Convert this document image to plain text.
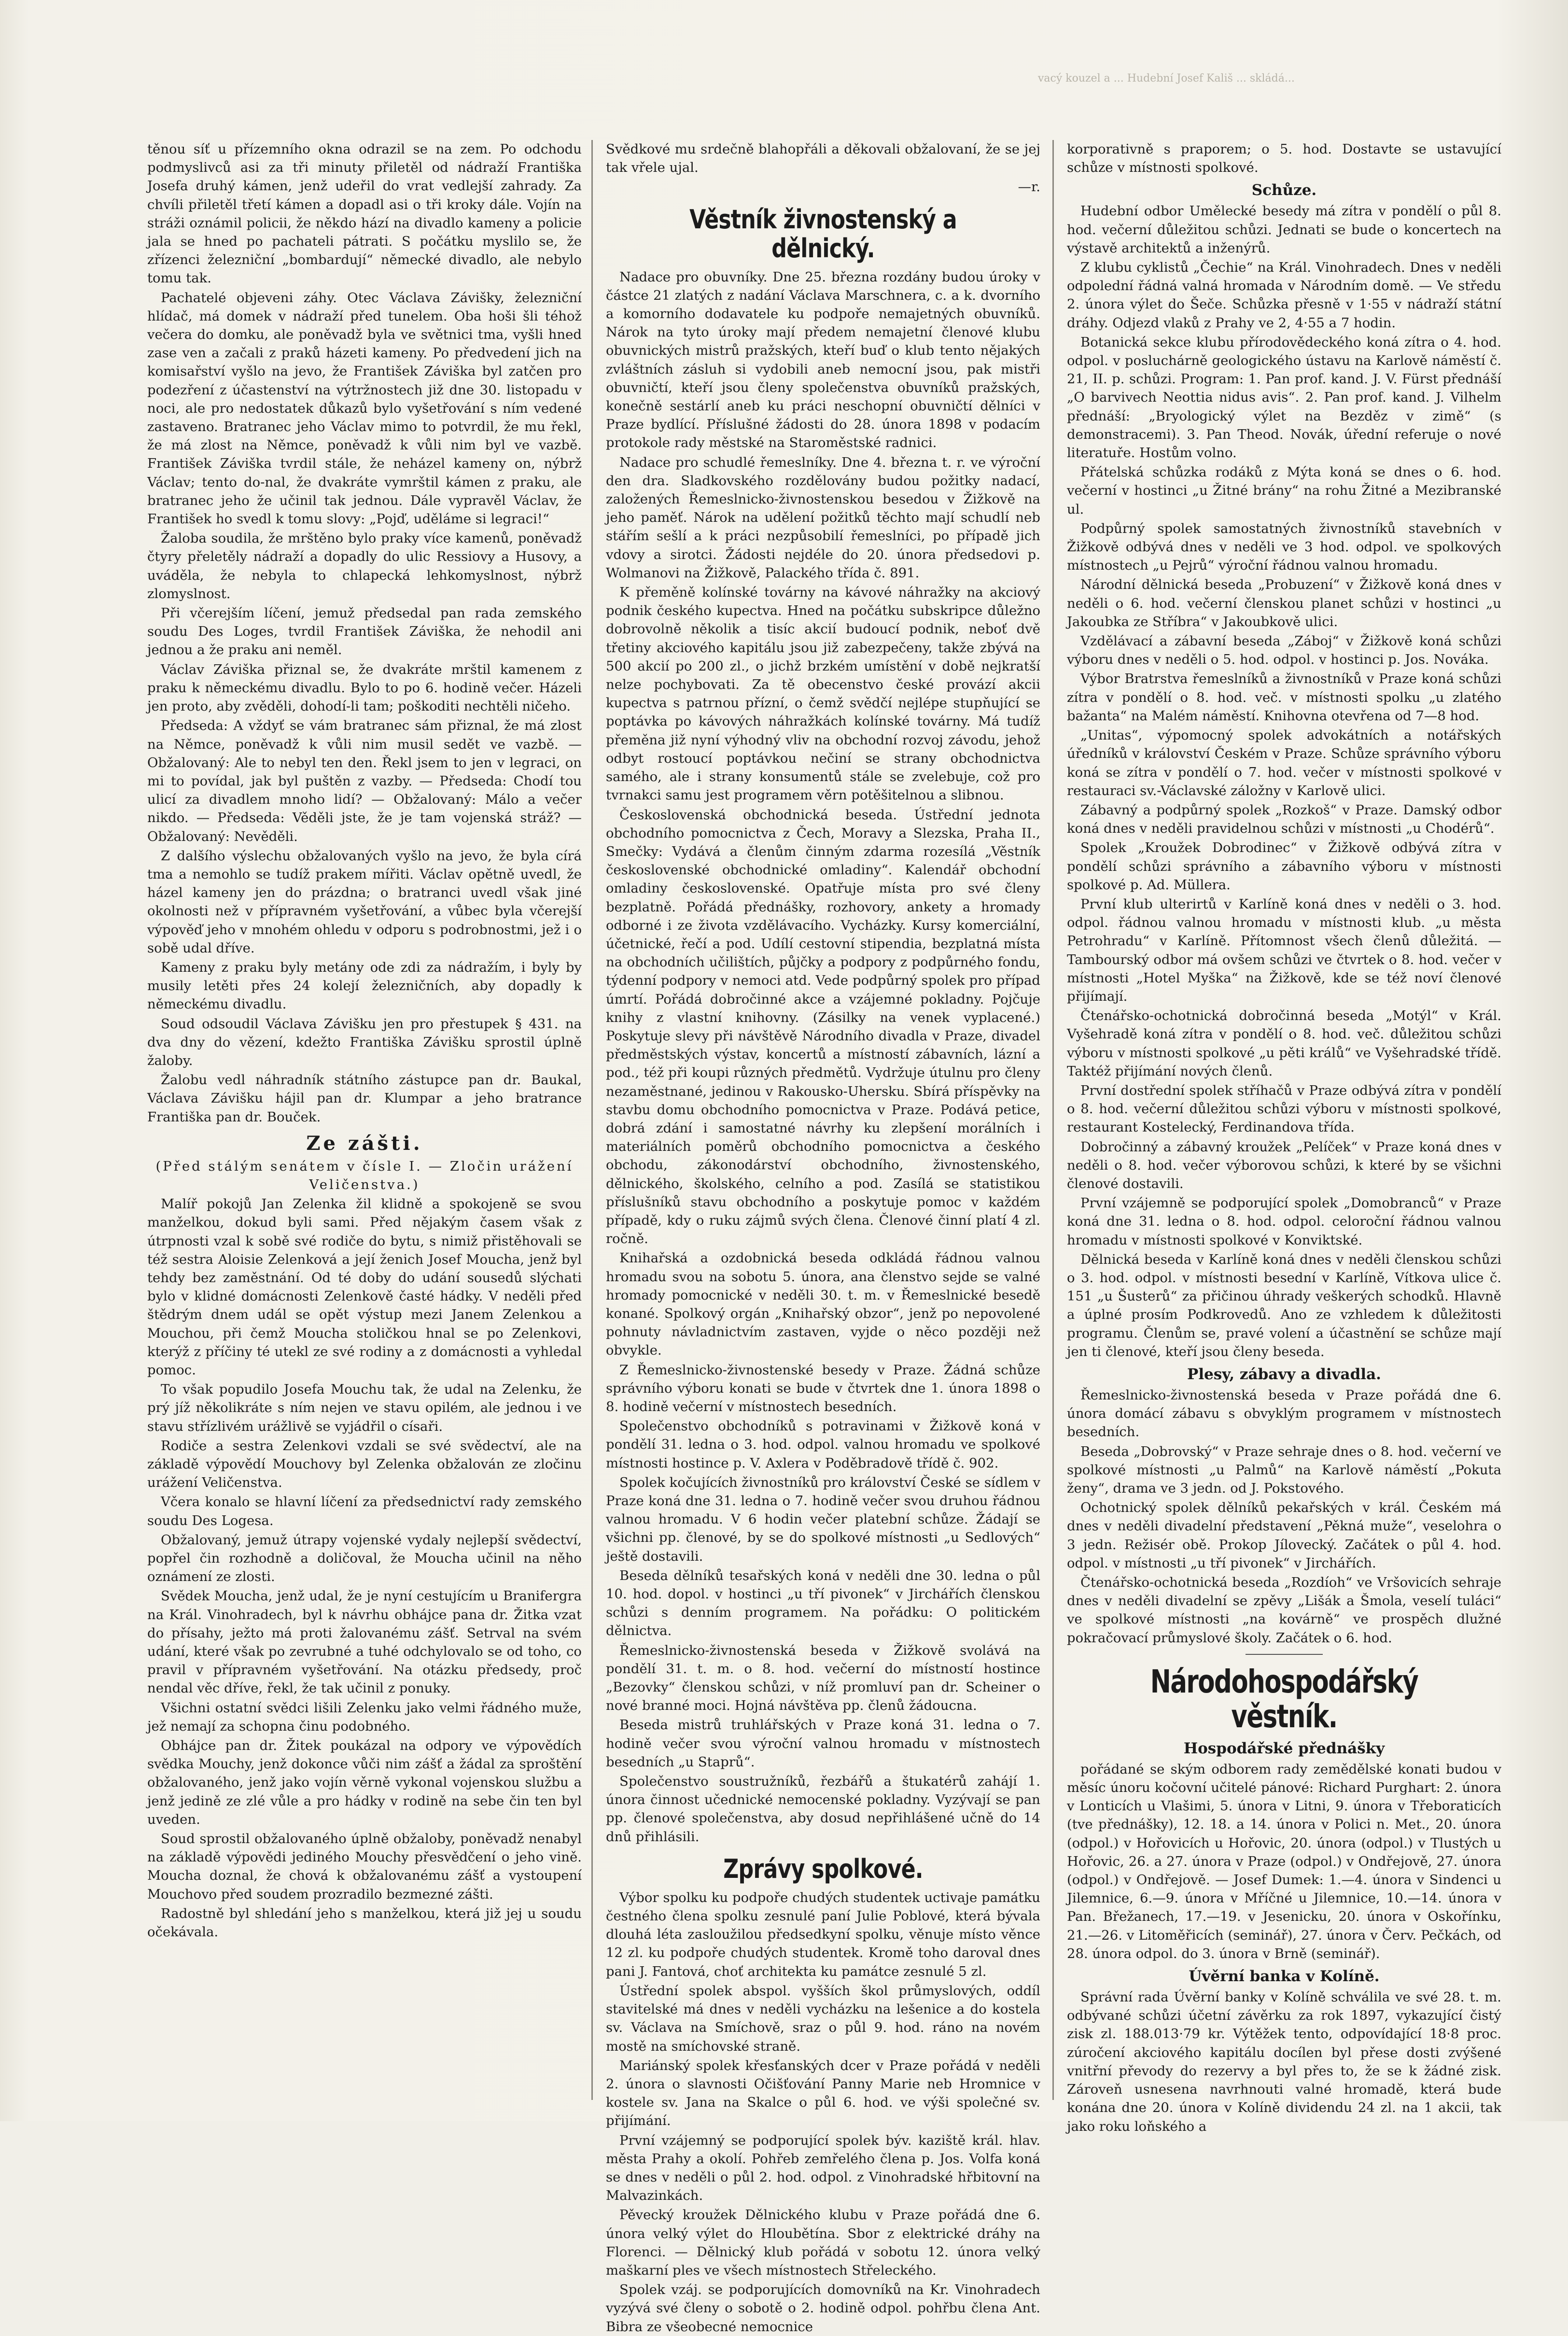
vacý kouzel a ... Hudební Josef Kališ ... skládá...

těnou síť u přízemního okna odrazil se na zem. Po odchodu podmyslivců asi za tři minuty přiletěl od nádraží Františka Josefa druhý kámen, jenž udeřil do vrat vedlejší zahrady. Za chvíli přiletěl třetí kámen a dopadl asi o tři kroky dále. Vojín na stráži oznámil policii, že někdo hází na divadlo kameny a policie jala se hned po pachateli pátrati. S počátku myslilo se, že zřízenci železniční „bombardují“ německé divadlo, ale nebylo tomu tak.

Pachatelé objeveni záhy. Otec Václava Závišky, železniční hlídač, má domek v nádraží před tunelem. Oba hoši šli téhož večera do domku, ale poněvadž byla ve světnici tma, vyšli hned zase ven a začali z praků házeti kameny. Po předvedení jich na komisařství vyšlo na jevo, že František Záviška byl zatčen pro podezření z účastenství na výtržnostech již dne 30. listopadu v noci, ale pro nedostatek důkazů bylo vyšetřování s ním vedené zastaveno. Bratranec jeho Václav mimo to potvrdil, že mu řekl, že má zlost na Němce, poněvadž k vůli nim byl ve vazbě. František Záviška tvrdil stále, že neházel kameny on, nýbrž Václav; tento do-nal, že dvakráte vymrštil kámen z praku, ale bratranec jeho že učinil tak jednou. Dále vypravěl Václav, že František ho svedl k tomu slovy: „Pojď, uděláme si legraci!“

Žaloba soudila, že mrštěno bylo praky více kamenů, poněvadž čtyry přeletěly nádraží a dopadly do ulic Ressiovy a Husovy, a uváděla, že nebyla to chlapecká lehkomyslnost, nýbrž zlomyslnost.

Při včerejším líčení, jemuž předsedal pan rada zemského soudu Des Loges, tvrdil František Záviška, že nehodil ani jednou a že praku ani neměl.

Václav Záviška přiznal se, že dvakráte mrštil kamenem z praku k německému divadlu. Bylo to po 6. hodině večer. Házeli jen proto, aby zvěděli, dohodí-li tam; poškoditi nechtěli ničeho.

Předseda: A vždyť se vám bratranec sám přiznal, že má zlost na Němce, poněvadž k vůli nim musil sedět ve vazbě. — Obžalovaný: Ale to nebyl ten den. Řekl jsem to jen v legraci, on mi to povídal, jak byl puštěn z vazby. — Předseda: Chodí tou ulicí za divadlem mnoho lidí? — Obžalovaný: Málo a večer nikdo. — Předseda: Věděli jste, že je tam vojenská stráž? — Obžalovaný: Nevěděli.

Z dalšího výslechu obžalovaných vyšlo na jevo, že byla círá tma a nemohlo se tudíž prakem mířiti. Václav opětně uvedl, že házel kameny jen do prázdna; o bratranci uvedl však jiné okolnosti než v přípravném vyšetřování, a vůbec byla včerejší výpověď jeho v mnohém ohledu v odporu s podrobnostmi, jež i o sobě udal dříve.

Kameny z praku byly metány ode zdi za nádražím, i byly by musily letěti přes 24 kolejí železničních, aby dopadly k německému divadlu.

Soud odsoudil Václava Závišku jen pro přestupek § 431. na dva dny do vězení, kdežto Františka Závišku sprostil úplně žaloby.

Žalobu vedl náhradník státního zástupce pan dr. Baukal, Václava Závišku hájil pan dr. Klumpar a jeho bratrance Františka pan dr. Bouček.

Ze zášti.

(Před stálým senátem v čísle I. — Zločin urážení Veličenstva.)

Malíř pokojů Jan Zelenka žil klidně a spokojeně se svou manželkou, dokud byli sami. Před nějakým časem však z útrpnosti vzal k sobě své rodiče do bytu, s nimiž přistěhovali se též sestra Aloisie Zelenková a její ženich Josef Moucha, jenž byl tehdy bez zaměstnání. Od té doby do udání sousedů slýchati bylo v klidné domácnosti Zelenkově časté hádky. V neděli před štědrým dnem udál se opět výstup mezi Janem Zelenkou a Mouchou, při čemž Moucha stoličkou hnal se po Zelenkovi, kterýž z příčiny té utekl ze své rodiny a z domácnosti a vyhledal pomoc.

To však popudilo Josefa Mouchu tak, že udal na Zelenku, že prý jíž několikráte s ním nejen ve stavu opilém, ale jednou i ve stavu střízlivém urážlivě se vyjádřil o císaři.

Rodiče a sestra Zelenkovi vzdali se své svědectví, ale na základě výpovědí Mouchovy byl Zelenka obžalován ze zločinu urážení Veličenstva.

Včera konalo se hlavní líčení za předsednictví rady zemského soudu Des Logesa.

Obžalovaný, jemuž útrapy vojenské vydaly nejlepší svědectví, popřel čin rozhodně a doličoval, že Moucha učinil na něho oznámení ze zlosti.

Svědek Moucha, jenž udal, že je nyní cestujícím u Branifergra na Král. Vinohradech, byl k návrhu obhájce pana dr. Žitka vzat do přísahy, ježto má proti žalovanému zášť. Setrval na svém udání, které však po zevrubné a tuhé odchylovalo se od toho, co pravil v přípravném vyšetřování. Na otázku předsedy, proč nendal věc dříve, řekl, že tak učinil z ponuky.

Všichni ostatní svědci lišili Zelenku jako velmi řádného muže, jež nemají za schopna činu podobného.

Obhájce pan dr. Žitek poukázal na odpory ve výpovědích svědka Mouchy, jenž dokonce vůči nim zášť a žádal za sproštění obžalovaného, jenž jako vojín věrně vykonal vojenskou službu a jenž jedině ze zlé vůle a pro hádky v rodině na sebe čin ten byl uveden.

Soud sprostil obžalovaného úplně obžaloby, poněvadž nenabyl na základě výpovědi jediného Mouchy přesvědčení o jeho vině. Moucha doznal, že chová k obžalovanému zášť a vystoupení Mouchovo před soudem prozradilo bezmezné zášti.

Radostně byl shledání jeho s manželkou, která již jej u soudu očekávala.

Svědkové mu srdečně blahopřáli a děkovali obžalovaní, že se jej tak vřele ujal.

—r.

Věstník živnostenský a dělnický.

Nadace pro obuvníky. Dne 25. března rozdány budou úroky v částce 21 zlatých z nadání Václava Marschnera, c. a k. dvorního a komorního dodavatele ku podpoře nemajetných obuvníků. Nárok na tyto úroky mají předem nemajetní členové klubu obuvnických mistrů pražských, kteří buď o klub tento nějakých zvláštních zásluh si vydobili aneb nemocní jsou, pak mistři obuvničtí, kteří jsou členy společenstva obuvníků pražských, konečně sestárlí aneb ku práci neschopní obuvničtí dělníci v Praze bydlící. Příslušné žádosti do 28. února 1898 v podacím protokole rady městské na Staroměstské radnici.

Nadace pro schudlé řemeslníky. Dne 4. března t. r. ve výroční den dra. Sladkovského rozdělovány budou požitky nadací, založených Řemeslnicko-živnostenskou besedou v Žižkově na jeho paměť. Nárok na udělení požitků těchto mají schudlí neb stářím sešlí a k práci nezpůsobilí řemeslníci, po případě jich vdovy a sirotci. Žádosti nejdéle do 20. února předsedovi p. Wolmanovi na Žižkově, Palackého třída č. 891.

K přeměně kolínské továrny na kávové náhražky na akciový podnik českého kupectva. Hned na počátku subskripce důležno dobrovolně několik a tisíc akcií budoucí podnik, neboť dvě třetiny akciového kapitálu jsou již zabezpečeny, takže zbývá na 500 akcií po 200 zl., o jichž brzkém umístění v době nejkratší nelze pochybovati. Za tě obecenstvo české provází akcii kupectva s patrnou přízní, o čemž svědčí nejlépe stupňující se poptávka po kávových náhražkách kolínské továrny. Má tudíž přeměna již nyní výhodný vliv na obchodní rozvoj závodu, jehož odbyt rostoucí poptávkou nečiní se strany obchodnictva samého, ale i strany konsumentů stále se zvelebuje, což pro tvrnakci samu jest programem věrn potěšitelnou a slibnou.

Československá obchodnická beseda. Ústřední jednota obchodního pomocnictva z Čech, Moravy a Slezska, Praha II., Smečky: Vydává a členům činným zdarma rozesílá „Věstník československé obchodnické omladiny“. Kalendář obchodní omladiny československé. Opatřuje místa pro své členy bezplatně. Pořádá přednášky, rozhovory, ankety a hromady odborné i ze života vzdělávacího. Vycházky. Kursy komerciální, účetnické, řečí a pod. Udílí cestovní stipendia, bezplatná místa na obchodních učilištích, půjčky a podpory z podpůrného fondu, týdenní podpory v nemoci atd. Vede podpůrný spolek pro případ úmrtí. Pořádá dobročinné akce a vzájemné pokladny. Pojčuje knihy z vlastní knihovny. (Zásilky na venek vyplacené.) Poskytuje slevy při návštěvě Národního divadla v Praze, divadel předměstských výstav, koncertů a místností zábavních, lázní a pod., též při koupi různých předmětů. Vydržuje útulnu pro členy nezaměstnané, jedinou v Rakousko-Uhersku. Sbírá příspěvky na stavbu domu obchodního pomocnictva v Praze. Podává petice, dobrá zdání i samostatné návrhy ku zlepšení morálních i materiálních poměrů obchodního pomocnictva a českého obchodu, zákonodárství obchodního, živnostenského, dělnického, školského, celního a pod. Zasílá se statistikou příslušníků stavu obchodního a poskytuje pomoc v každém případě, kdy o ruku zájmů svých člena. Členové činní platí 4 zl. ročně.

Knihařská a ozdobnická beseda odkládá řádnou valnou hromadu svou na sobotu 5. února, ana členstvo sejde se valné hromady pomocnické v neděli 30. t. m. v Řemeslnické besedě konané. Spolkový orgán „Knihařský obzor“, jenž po nepovolené pohnuty návladnictvím zastaven, vyjde o něco později než obvykle.

Z Řemeslnicko-živnostenské besedy v Praze. Žádná schůze správního výboru konati se bude v čtvrtek dne 1. února 1898 o 8. hodině večerní v místnostech besedních.

Společenstvo obchodníků s potravinami v Žižkově koná v pondělí 31. ledna o 3. hod. odpol. valnou hromadu ve spolkové místnosti hostince p. V. Axlera v Poděbradově třídě č. 902.

Spolek kočujících živnostníků pro království České se sídlem v Praze koná dne 31. ledna o 7. hodině večer svou druhou řádnou valnou hromadu. V 6 hodin večer platební schůze. Žádají se všichni pp. členové, by se do spolkové místnosti „u Sedlových“ ještě dostavili.

Beseda dělníků tesařských koná v neděli dne 30. ledna o půl 10. hod. dopol. v hostinci „u tří pivonek“ v Jirchářích členskou schůzi s denním programem. Na pořádku: O politickém dělnictva.

Řemeslnicko-živnostenská beseda v Žižkově svolává na pondělí 31. t. m. o 8. hod. večerní do místností hostince „Bezovky“ členskou schůzi, v níž promluví pan dr. Scheiner o nové branné moci. Hojná návštěva pp. členů žádoucna.

Beseda mistrů truhlářských v Praze koná 31. ledna o 7. hodině večer svou výroční valnou hromadu v místnostech besedních „u Staprů“.

Společenstvo soustružníků, řezbářů a štukatérů zahájí 1. února činnost učednické nemocenské pokladny. Vyzývají se pan pp. členové společenstva, aby dosud nepřihlášené učně do 14 dnů přihlásili.

Zprávy spolkové.

Výbor spolku ku podpoře chudých studentek uctivaje památku čestného člena spolku zesnulé paní Julie Poblové, která bývala dlouhá léta zasloužilou předsedkyní spolku, věnuje místo věnce 12 zl. ku podpoře chudých studentek. Kromě toho daroval dnes pani J. Fantová, choť architekta ku památce zesnulé 5 zl.

Ústřední spolek abspol. vyšších škol průmyslových, oddíl stavitelské má dnes v neděli vycházku na lešenice a do kostela sv. Václava na Smíchově, sraz o půl 9. hod. ráno na novém mostě na smíchovské straně.

Mariánský spolek křesťanských dcer v Praze pořádá v neděli 2. února o slavnosti Očišťování Panny Marie neb Hromnice v kostele sv. Jana na Skalce o půl 6. hod. ve výši společné sv. přijímání.

První vzájemný se podporující spolek býv. kaziště král. hlav. města Prahy a okolí. Pohřeb zemřelého člena p. Jos. Volfa koná se dnes v neděli o půl 2. hod. odpol. z Vinohradské hřbitovní na Malvazinkách.

Pěvecký kroužek Dělnického klubu v Praze pořádá dne 6. února velký výlet do Hloubětína. Sbor z elektrické dráhy na Florenci. — Dělnický klub pořádá v sobotu 12. února velký maškarní ples ve všech místnostech Střeleckého.

Spolek vzáj. se podporujících domovníků na Kr. Vinohradech vyzývá své členy o sobotě o 2. hodině odpol. pohřbu člena Ant. Bibra ze všeobecné nemocnice

korporativně s praporem; o 5. hod. Dostavte se ustavující schůze v místnosti spolkové.

Schůze.

Hudební odbor Umělecké besedy má zítra v pondělí o půl 8. hod. večerní důležitou schůzi. Jednati se bude o koncertech na výstavě architektů a inženýrů.

Z klubu cyklistů „Čechie“ na Král. Vinohradech. Dnes v neděli odpolední řádná valná hromada v Národním domě. — Ve středu 2. února výlet do Šeče. Schůzka přesně v 1·55 v nádraží státní dráhy. Odjezd vlaků z Prahy ve 2, 4·55 a 7 hodin.

Botanická sekce klubu přírodovědeckého koná zítra o 4. hod. odpol. v posluchárně geologického ústavu na Karlově náměstí č. 21, II. p. schůzi. Program: 1. Pan prof. kand. J. V. Fürst přednáší „O barvivech Neottia nidus avis“. 2. Pan prof. kand. J. Vilhelm přednáší: „Bryologický výlet na Bezděz v zimě“ (s demonstracemi). 3. Pan Theod. Novák, úřední referuje o nové literatuře. Hostům volno.

Přátelská schůzka rodáků z Mýta koná se dnes o 6. hod. večerní v hostinci „u Žitné brány“ na rohu Žitné a Mezibranské ul.

Podpůrný spolek samostatných živnostníků stavebních v Žižkově odbývá dnes v neděli ve 3 hod. odpol. ve spolkových místnostech „u Pejrů“ výroční řádnou valnou hromadu.

Národní dělnická beseda „Probuzení“ v Žižkově koná dnes v neděli o 6. hod. večerní členskou planet schůzi v hostinci „u Jakoubka ze Stříbra“ v Jakoubkově ulici.

Vzdělávací a zábavní beseda „Záboj“ v Žižkově koná schůzi výboru dnes v neděli o 5. hod. odpol. v hostinci p. Jos. Nováka.

Výbor Bratrstva řemeslníků a živnostníků v Praze koná schůzi zítra v pondělí o 8. hod. več. v místnosti spolku „u zlatého bažanta“ na Malém náměstí. Knihovna otevřena od 7—8 hod.

„Unitas“, výpomocný spolek advokátních a notářských úředníků v království Českém v Praze. Schůze správního výboru koná se zítra v pondělí o 7. hod. večer v místnosti spolkové v restauraci sv.-Václavské záložny v Karlově ulici.

Zábavný a podpůrný spolek „Rozkoš“ v Praze. Damský odbor koná dnes v neděli pravidelnou schůzi v místnosti „u Chodérů“.

Spolek „Kroužek Dobrodinec“ v Žižkově odbývá zítra v pondělí schůzi správního a zábavního výboru v místnosti spolkové p. Ad. Müllera.

První klub ulterirtů v Karlíně koná dnes v neděli o 3. hod. odpol. řádnou valnou hromadu v místnosti klub. „u města Petrohradu“ v Karlíně. Přítomnost všech členů důležitá. — Tambourský odbor má ovšem schůzi ve čtvrtek o 8. hod. večer v místnosti „Hotel Myška“ na Žižkově, kde se též noví členové přijímají.

Čtenářsko-ochotnická dobročinná beseda „Motýl“ v Král. Vyšehradě koná zítra v pondělí o 8. hod. več. důležitou schůzi výboru v místnosti spolkové „u pěti králů“ ve Vyšehradské třídě. Taktéž přijímání nových členů.

První dostřední spolek stříhačů v Praze odbývá zítra v pondělí o 8. hod. večerní důležitou schůzi výboru v místnosti spolkové, restaurant Kostelecký, Ferdinandova třída.

Dobročinný a zábavný kroužek „Pelíček“ v Praze koná dnes v neděli o 8. hod. večer výborovou schůzi, k které by se všichni členové dostavili.

První vzájemně se podporující spolek „Domobranců“ v Praze koná dne 31. ledna o 8. hod. odpol. celoroční řádnou valnou hromadu v místnosti spolkové v Konviktské.

Dělnická beseda v Karlíně koná dnes v neděli členskou schůzi o 3. hod. odpol. v místnosti besední v Karlíně, Vítkova ulice č. 151 „u Šusterů“ za přičinou úhrady veškerých schodků. Hlavně a úplné prosím Podkrovedů. Ano ze vzhledem k důležitosti programu. Členům se, pravé volení a účastnění se schůze mají jen ti členové, kteří jsou členy beseda.

Plesy, zábavy a divadla.

Řemeslnicko-živnostenská beseda v Praze pořádá dne 6. února domácí zábavu s obvyklým programem v místnostech besedních.

Beseda „Dobrovský“ v Praze sehraje dnes o 8. hod. večerní ve spolkové místnosti „u Palmů“ na Karlově náměstí „Pokuta ženy“, drama ve 3 jedn. od J. Pokstového.

Ochotnický spolek dělníků pekařských v král. Českém má dnes v neděli divadelní představení „Pěkná muže“, veselohra o 3 jedn. Režisér obě. Prokop Jílovecký. Začátek o půl 4. hod. odpol. v místnosti „u tří pivonek“ v Jirchářích.

Čtenářsko-ochotnická beseda „Rozdíoh“ ve Vršovicích sehraje dnes v neděli divadelní se zpěvy „Lišák a Šmola, veselí tuláci“ ve spolkové místnosti „na kovárně“ ve prospěch dlužné pokračovací průmyslové školy. Začátek o 6. hod.

Národohospodářský věstník.
Hospodářské přednášky

pořádané se ským odborem rady zemědělské konati budou v měsíc únoru kočovní učitelé pánové: Richard Purghart: 2. února v Lonticích u Vlašimi, 5. února v Litni, 9. února v Třeboraticích (tve přednášky), 12. 18. a 14. února v Polici n. Met., 20. února (odpol.) v Hořovicích u Hořovic, 20. února (odpol.) v Tlustých u Hořovic, 26. a 27. února v Praze (odpol.) v Ondřejově, 27. února (odpol.) v Ondřejově. — Josef Dumek: 1.—4. února v Sindenci u Jilemnice, 6.—9. února v Mříčné u Jilemnice, 10.—14. února v Pan. Břežanech, 17.—19. v Jesenicku, 20. února v Oskořínku, 21.—26. v Litoměřicích (seminář), 27. února v Červ. Pečkách, od 28. února odpol. do 3. února v Brně (seminář).

Úvěrní banka v Kolíně.

Správní rada Úvěrní banky v Kolíně schválila ve své 28. t. m. odbývané schůzi účetní závěrku za rok 1897, vykazující čistý zisk zl. 188.013·79 kr. Výtěžek tento, odpovídající 18·8 proc. zúročení akciového kapitálu docílen byl přese dosti zvýšené vnitřní převody do rezervy a byl přes to, že se k žádné zisk. Zároveň usnesena navrhnouti valné hromadě, která bude konána dne 20. února v Kolíně dividendu 24 zl. na 1 akcii, tak jako roku loňského a
